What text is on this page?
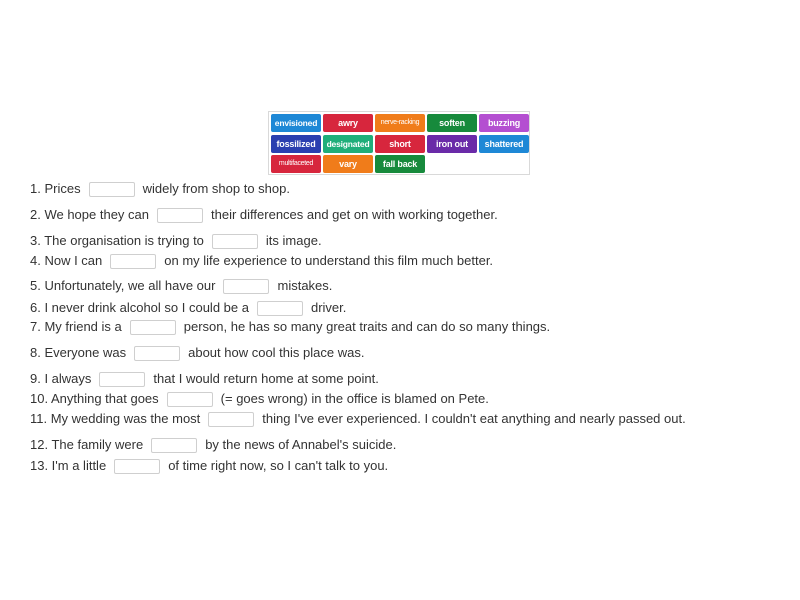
envisioned	awry	nerve-racking	soften	buzzing
fossilized	designated	short	iron out	shattered
multifaceted	vary	fall back
1. Prices	widely from shop to shop.
2. We hope they can	their differences and get on with working together.
3. The organisation is trying to	its image.
4. Now I can	on my life experience to understand this film much better.
5. Unfortunately, we all have our	mistakes.
6. I never drink alcohol so I could be a	driver.
7. My friend is a	person, he has so many great traits and can do so many things.
8. Everyone was	about how cool this place was.
9. I always	that I would return home at some point.
10. Anything that goes	(= goes wrong) in the office is blamed on Pete.
11. My wedding was the most	thing I've ever experienced. I couldn't eat anything and nearly passed out.
12. The family were	by the news of Annabel's suicide.
13. I'm a little	of time right now, so I can't talk to you.
